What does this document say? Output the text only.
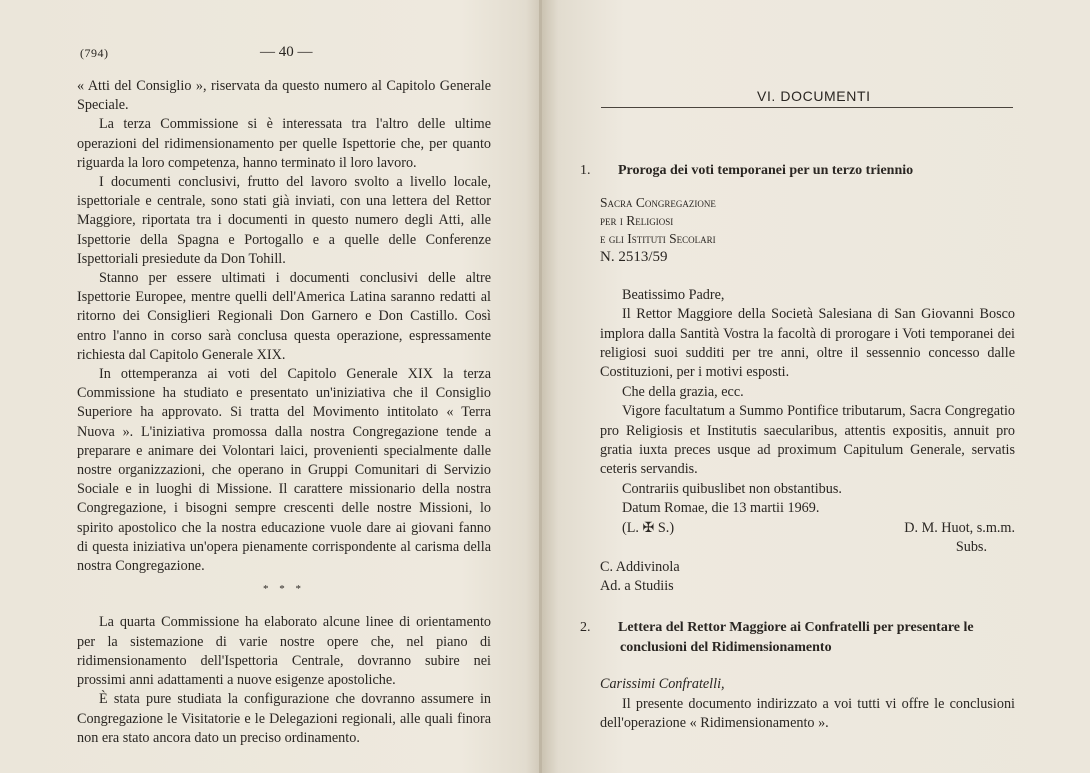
(794)	— 40 —

« Atti del Consiglio », riservata da questo numero al Capitolo Generale Speciale.

La terza Commissione si è interessata tra l'altro delle ultime operazioni del ridimensionamento per quelle Ispettorie che, per quanto riguarda la loro competenza, hanno terminato il loro lavoro.

I documenti conclusivi, frutto del lavoro svolto a livello locale, ispettoriale e centrale, sono stati già inviati, con una lettera del Rettor Maggiore, riportata tra i documenti in questo numero degli Atti, alle Ispettorie della Spagna e Portogallo e a quelle delle Conferenze Ispettoriali presiedute da Don Tohill.

Stanno per essere ultimati i documenti conclusivi delle altre Ispettorie Europee, mentre quelli dell'America Latina saranno redatti al ritorno dei Consiglieri Regionali Don Garnero e Don Castillo. Così entro l'anno in corso sarà conclusa questa operazione, espressamente richiesta dal Capitolo Generale XIX.

In ottemperanza ai voti del Capitolo Generale XIX la terza Commissione ha studiato e presentato un'iniziativa che il Consiglio Superiore ha approvato. Si tratta del Movimento intitolato « Terra Nuova ». L'iniziativa promossa dalla nostra Congregazione tende a preparare e animare dei Volontari laici, provenienti specialmente dalle nostre organizzazioni, che operano in Gruppi Comunitari di Servizio Sociale e in luoghi di Missione. Il carattere missionario della nostra Congregazione, i bisogni sempre crescenti delle nostre Missioni, lo spirito apostolico che la nostra educazione vuole dare ai giovani fanno di questa iniziativa un'opera pienamente corrispondente al carisma della nostra Congregazione.

* * *

La quarta Commissione ha elaborato alcune linee di orientamento per la sistemazione di varie nostre opere che, nel piano di ridimensionamento dell'Ispettoria Centrale, dovranno subire nei prossimi anni adattamenti a nuove esigenze apostoliche.

È stata pure studiata la configurazione che dovranno assumere in Congregazione le Visitatorie e le Delegazioni regionali, alle quali finora non era stato ancora dato un preciso ordinamento.

VI. DOCUMENTI

1. Proroga dei voti temporanei per un terzo triennio

Sacra Congregazione

per i Religiosi

e gli Istituti Secolari

N. 2513/59

Beatissimo Padre,

Il Rettor Maggiore della Società Salesiana di San Giovanni Bosco implora dalla Santità Vostra la facoltà di prorogare i Voti temporanei dei religiosi suoi sudditi per tre anni, oltre il sessennio concesso dalle Costituzioni, per i motivi esposti.

Che della grazia, ecc.

Vigore facultatum a Summo Pontifice tributarum, Sacra Congregatio pro Religiosis et Institutis saecularibus, attentis expositis, annuit pro gratia iuxta preces usque ad proximum Capitulum Generale, servatis ceteris servandis.

Contrariis quibuslibet non obstantibus.

Datum Romae, die 13 martii 1969.

(L. ✠ S.)	D. M. Huot, s.m.m.

Subs.

C. Addivinola

Ad. a Studiis

2. Lettera del Rettor Maggiore ai Confratelli per presentare le conclusioni del Ridimensionamento

Carissimi Confratelli,

Il presente documento indirizzato a voi tutti vi offre le conclusioni dell'operazione « Ridimensionamento ».
